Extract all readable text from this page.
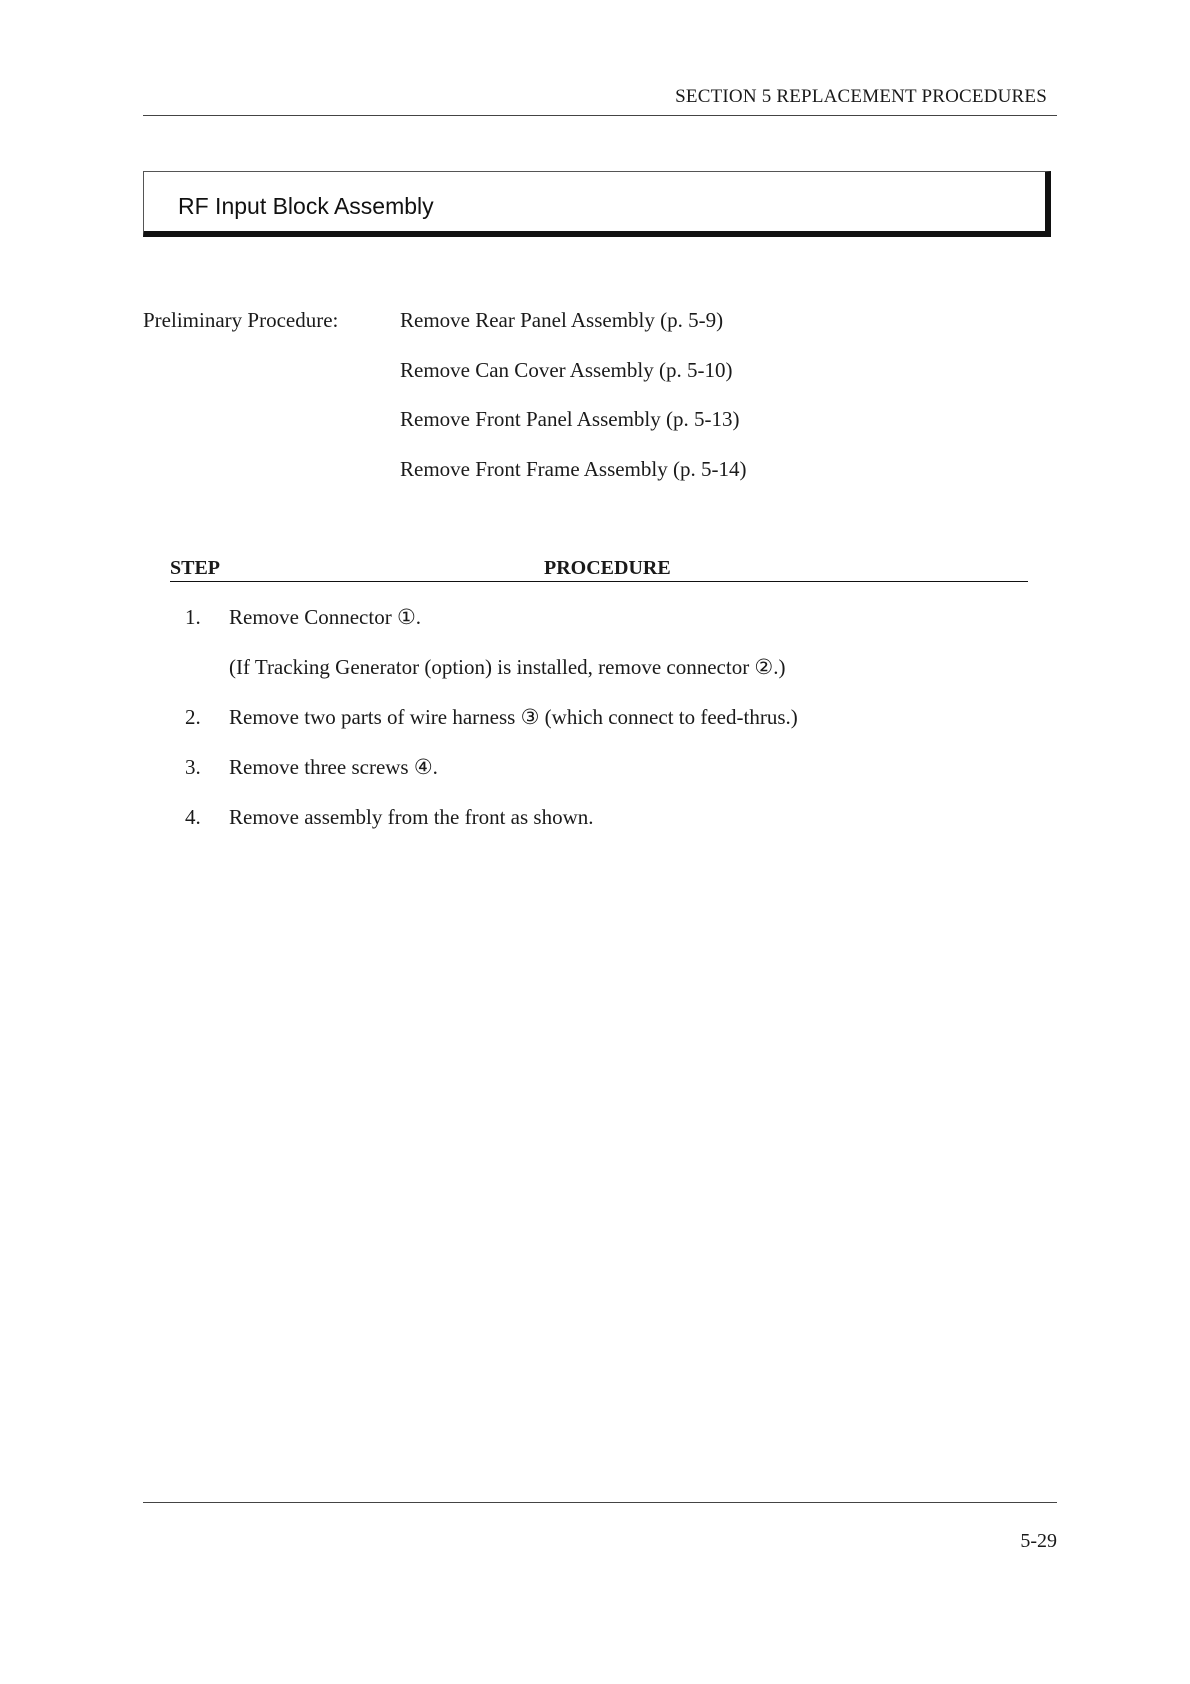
SECTION 5 REPLACEMENT PROCEDURES
RF Input Block Assembly
Preliminary Procedure:	Remove Rear Panel Assembly (p. 5-9)
Remove Can Cover Assembly (p. 5-10)
Remove Front Panel Assembly (p. 5-13)
Remove Front Frame Assembly (p. 5-14)
STEP	PROCEDURE
1. Remove Connector ①.
(If Tracking Generator (option) is installed, remove connector ②.)
2. Remove two parts of wire harness ③ (which connect to feed-thrus.)
3. Remove three screws ④.
4. Remove assembly from the front as shown.
5-29
